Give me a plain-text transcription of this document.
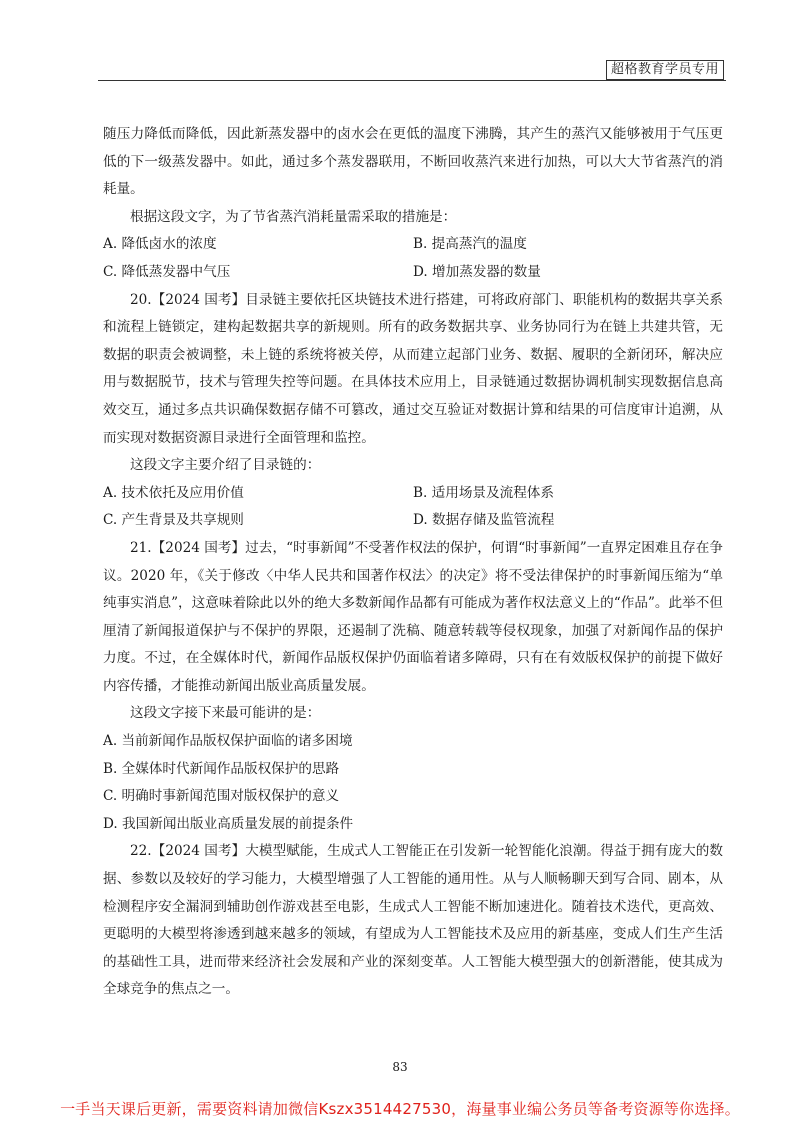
超格教育学员专用

随压力降低而降低，因此新蒸发器中的卤水会在更低的温度下沸腾，其产生的蒸汽又能够被用于气压更低的下一级蒸发器中。如此，通过多个蒸发器联用，不断回收蒸汽来进行加热，可以大大节省蒸汽的消耗量。

根据这段文字，为了节省蒸汽消耗量需采取的措施是：

A. 降低卤水的浓度	B. 提高蒸汽的温度
C. 降低蒸发器中气压	D. 增加蒸发器的数量

20.【2024 国考】目录链主要依托区块链技术进行搭建，可将政府部门、职能机构的数据共享关系和流程上链锁定，建构起数据共享的新规则。所有的政务数据共享、业务协同行为在链上共建共管，无数据的职责会被调整，未上链的系统将被关停，从而建立起部门业务、数据、履职的全新闭环，解决应用与数据脱节，技术与管理失控等问题。在具体技术应用上，目录链通过数据协调机制实现数据信息高效交互，通过多点共识确保数据存储不可篡改，通过交互验证对数据计算和结果的可信度审计追溯，从而实现对数据资源目录进行全面管理和监控。

这段文字主要介绍了目录链的：

A. 技术依托及应用价值	B. 适用场景及流程体系
C. 产生背景及共享规则	D. 数据存储及监管流程

21.【2024 国考】过去，“时事新闻”不受著作权法的保护，何谓“时事新闻”一直界定困难且存在争议。2020 年，《关于修改〈中华人民共和国著作权法〉的决定》将不受法律保护的时事新闻压缩为“单纯事实消息”，这意味着除此以外的绝大多数新闻作品都有可能成为著作权法意义上的“作品”。此举不但厘清了新闻报道保护与不保护的界限，还遏制了洗稿、随意转载等侵权现象，加强了对新闻作品的保护力度。不过，在全媒体时代，新闻作品版权保护仍面临着诸多障碍，只有在有效版权保护的前提下做好内容传播，才能推动新闻出版业高质量发展。

这段文字接下来最可能讲的是：

A. 当前新闻作品版权保护面临的诸多困境
B. 全媒体时代新闻作品版权保护的思路
C. 明确时事新闻范围对版权保护的意义
D. 我国新闻出版业高质量发展的前提条件

22.【2024 国考】大模型赋能，生成式人工智能正在引发新一轮智能化浪潮。得益于拥有庞大的数据、参数以及较好的学习能力，大模型增强了人工智能的通用性。从与人顺畅聊天到写合同、剧本，从检测程序安全漏洞到辅助创作游戏甚至电影，生成式人工智能不断加速进化。随着技术迭代，更高效、更聪明的大模型将渗透到越来越多的领域，有望成为人工智能技术及应用的新基座，变成人们生产生活的基础性工具，进而带来经济社会发展和产业的深刻变革。人工智能大模型强大的创新潜能，使其成为全球竞争的焦点之一。

83
一手当天课后更新，需要资料请加微信Kszx3514427530，海量事业编公务员等备考资源等你选择。
